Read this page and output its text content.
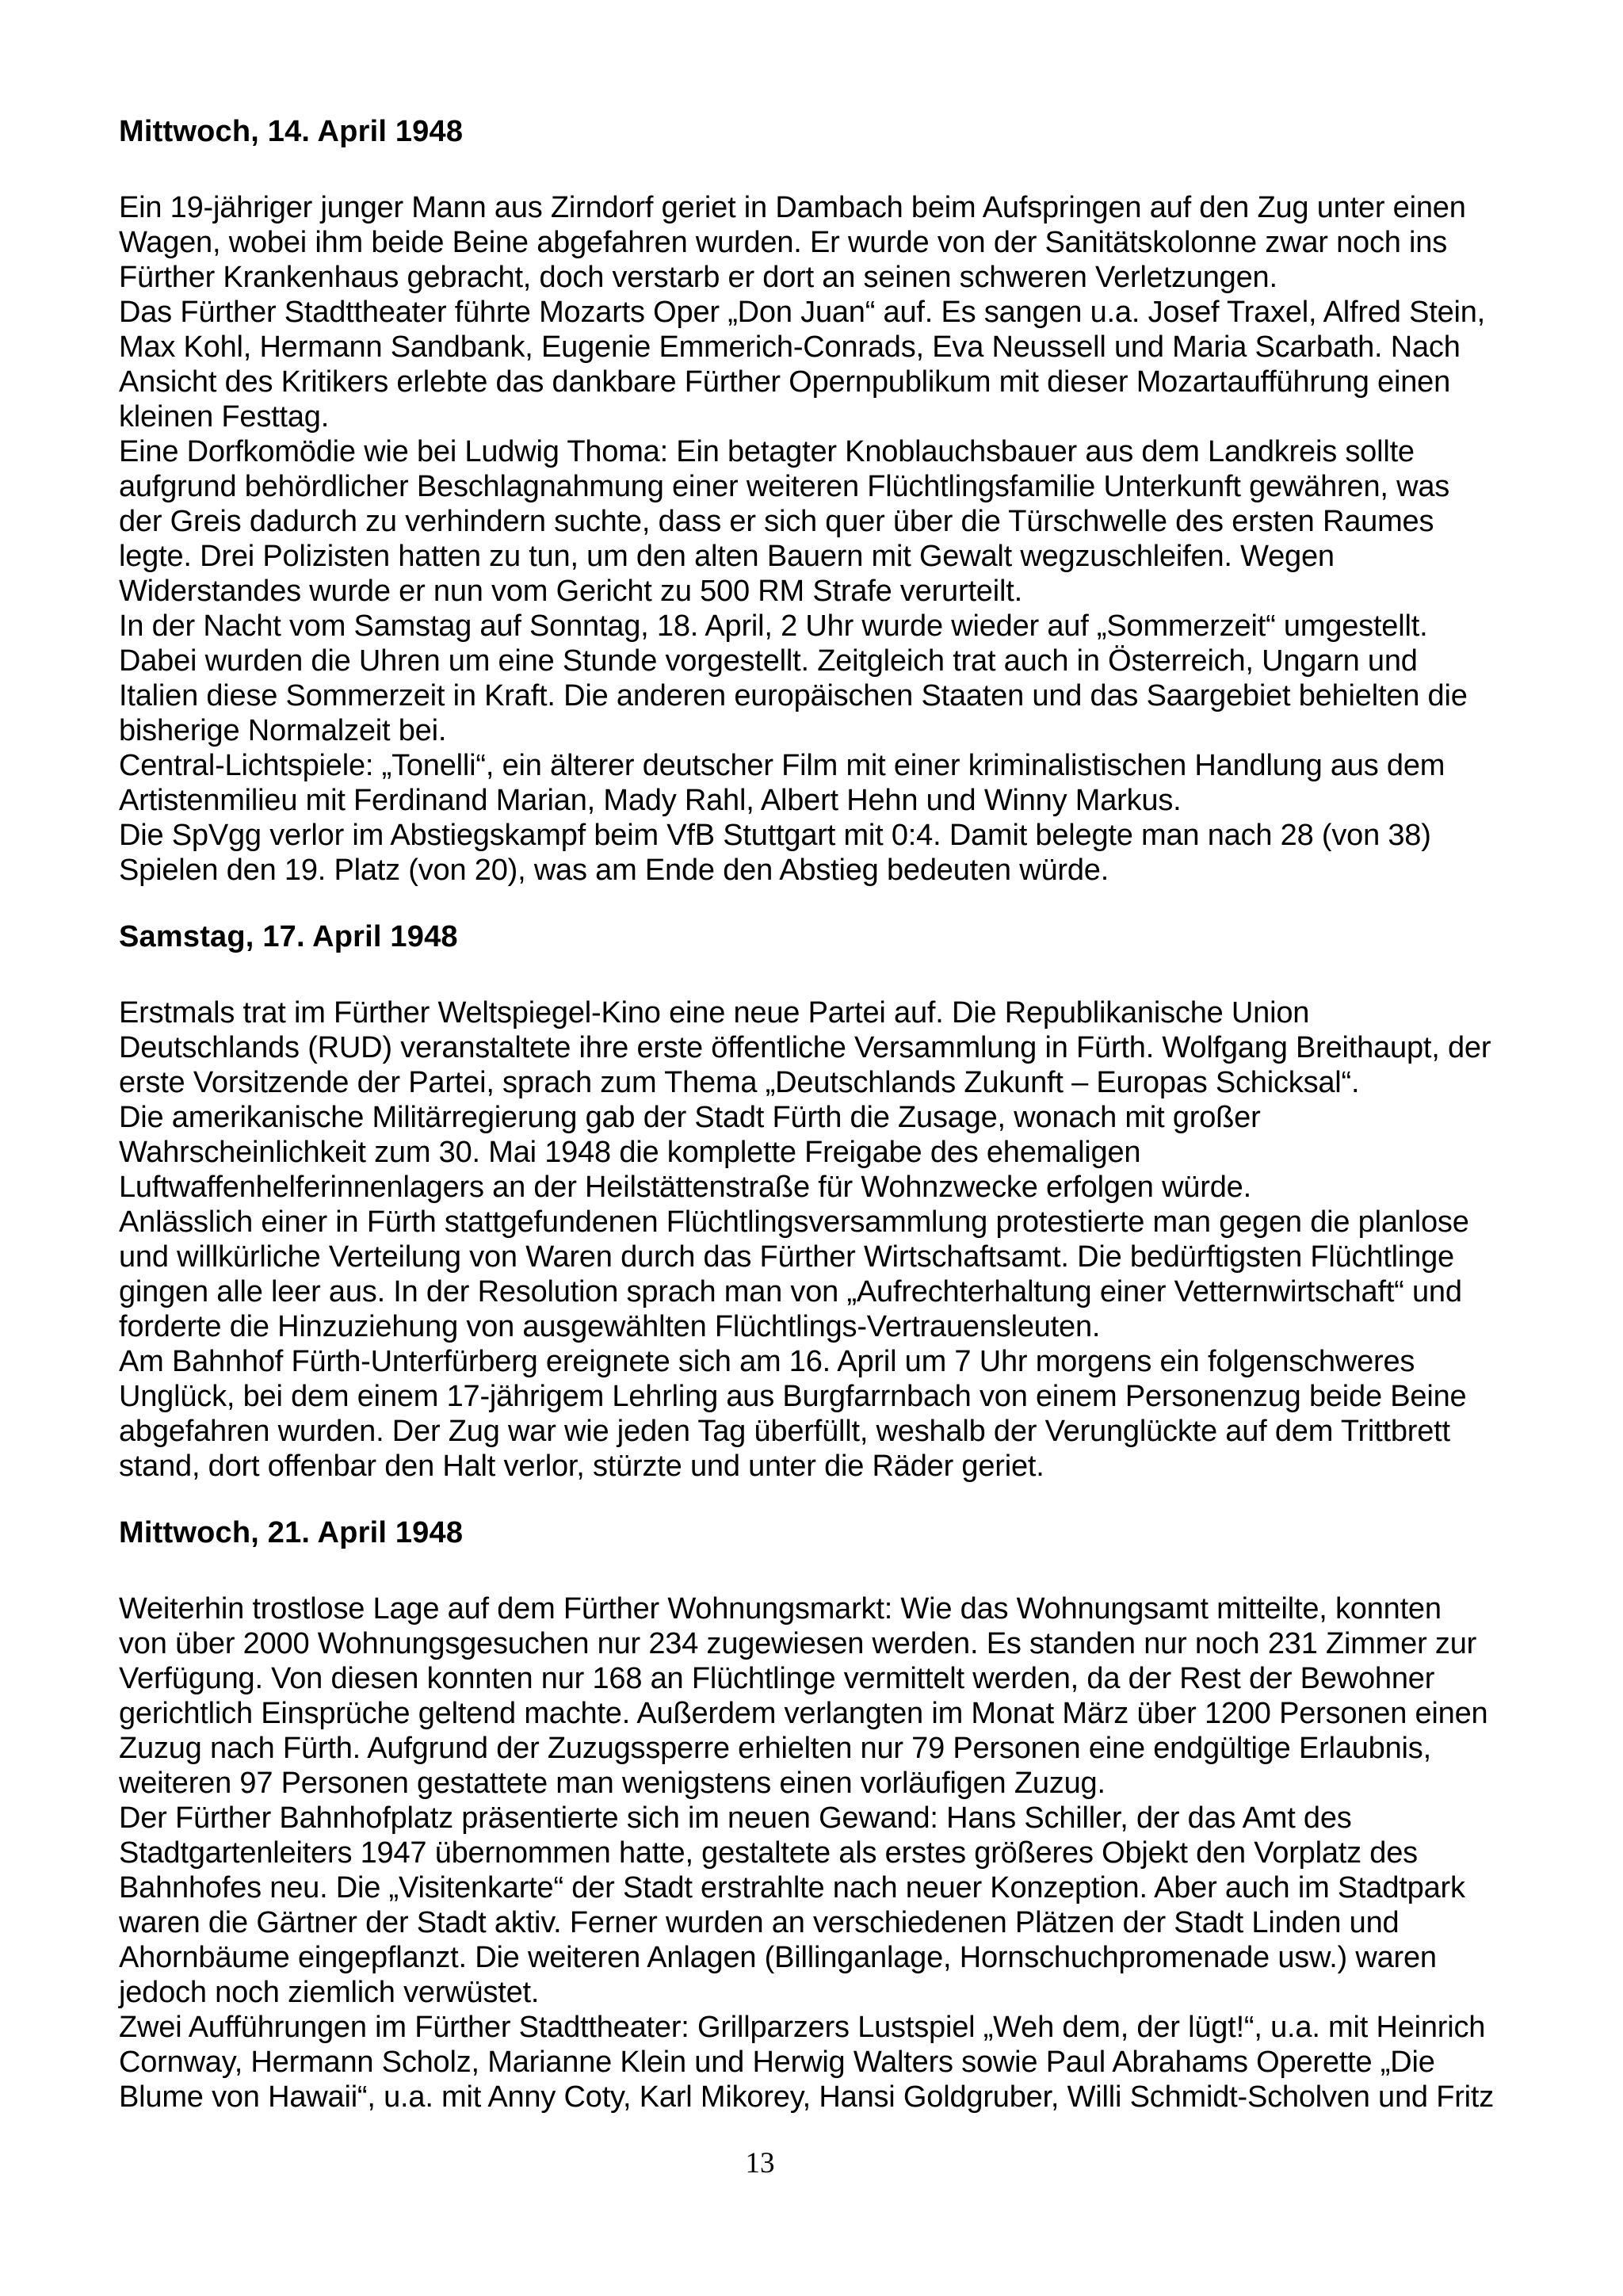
Mittwoch, 14. April 1948
Ein 19-jähriger junger Mann aus Zirndorf geriet in Dambach beim Aufspringen auf den Zug unter einen
Wagen, wobei ihm beide Beine abgefahren wurden. Er wurde von der Sanitätskolonne zwar noch ins
Fürther Krankenhaus gebracht, doch verstarb er dort an seinen schweren Verletzungen.
Das Fürther Stadttheater führte Mozarts Oper „Don Juan“ auf. Es sangen u.a. Josef Traxel, Alfred Stein,
Max Kohl, Hermann Sandbank, Eugenie Emmerich-Conrads, Eva Neussell und Maria Scarbath. Nach
Ansicht des Kritikers erlebte das dankbare Fürther Opernpublikum mit dieser Mozartaufführung einen
kleinen Festtag.
Eine Dorfkomödie wie bei Ludwig Thoma: Ein betagter Knoblauchsbauer aus dem Landkreis sollte
aufgrund behördlicher Beschlagnahmung einer weiteren Flüchtlingsfamilie Unterkunft gewähren, was
der Greis dadurch zu verhindern suchte, dass er sich quer über die Türschwelle des ersten Raumes
legte. Drei Polizisten hatten zu tun, um den alten Bauern mit Gewalt wegzuschleifen. Wegen
Widerstandes wurde er nun vom Gericht zu 500 RM Strafe verurteilt.
In der Nacht vom Samstag auf Sonntag, 18. April, 2 Uhr wurde wieder auf „Sommerzeit“ umgestellt.
Dabei wurden die Uhren um eine Stunde vorgestellt. Zeitgleich trat auch in Österreich, Ungarn und
Italien diese Sommerzeit in Kraft. Die anderen europäischen Staaten und das Saargebiet behielten die
bisherige Normalzeit bei.
Central-Lichtspiele: „Tonelli“, ein älterer deutscher Film mit einer kriminalistischen Handlung aus dem
Artistenmilieu mit Ferdinand Marian, Mady Rahl, Albert Hehn und Winny Markus.
Die SpVgg verlor im Abstiegskampf beim VfB Stuttgart mit 0:4. Damit belegte man nach 28 (von 38)
Spielen den 19. Platz (von 20), was am Ende den Abstieg bedeuten würde.
Samstag, 17. April 1948
Erstmals trat im Fürther Weltspiegel-Kino eine neue Partei auf. Die Republikanische Union
Deutschlands (RUD) veranstaltete ihre erste öffentliche Versammlung in Fürth. Wolfgang Breithaupt, der
erste Vorsitzende der Partei, sprach zum Thema „Deutschlands Zukunft – Europas Schicksal“.
Die amerikanische Militärregierung gab der Stadt Fürth die Zusage, wonach mit großer
Wahrscheinlichkeit zum 30. Mai 1948 die komplette Freigabe des ehemaligen
Luftwaffenhelferinnenlagers an der Heilstättenstraße für Wohnzwecke erfolgen würde.
Anlässlich einer in Fürth stattgefundenen Flüchtlingsversammlung protestierte man gegen die planlose
und willkürliche Verteilung von Waren durch das Fürther Wirtschaftsamt. Die bedürftigsten Flüchtlinge
gingen alle leer aus. In der Resolution sprach man von „Aufrechterhaltung einer Vetternwirtschaft“ und
forderte die Hinzuziehung von ausgewählten Flüchtlings-Vertrauensleuten.
Am Bahnhof Fürth-Unterfürberg ereignete sich am 16. April um 7 Uhr morgens ein folgenschweres
Unglück, bei dem einem 17-jährigem Lehrling aus Burgfarrnbach von einem Personenzug beide Beine
abgefahren wurden. Der Zug war wie jeden Tag überfüllt, weshalb der Verunglückte auf dem Trittbrett
stand, dort offenbar den Halt verlor, stürzte und unter die Räder geriet.
Mittwoch, 21. April 1948
Weiterhin trostlose Lage auf dem Fürther Wohnungsmarkt: Wie das Wohnungsamt mitteilte, konnten
von über 2000 Wohnungsgesuchen nur 234 zugewiesen werden. Es standen nur noch 231 Zimmer zur
Verfügung. Von diesen konnten nur 168 an Flüchtlinge vermittelt werden, da der Rest der Bewohner
gerichtlich Einsprüche geltend machte. Außerdem verlangten im Monat März über 1200 Personen einen
Zuzug nach Fürth. Aufgrund der Zuzugssperre erhielten nur 79 Personen eine endgültige Erlaubnis,
weiteren 97 Personen gestattete man wenigstens einen vorläufigen Zuzug.
Der Fürther Bahnhofplatz präsentierte sich im neuen Gewand: Hans Schiller, der das Amt des
Stadtgartenleiters 1947 übernommen hatte, gestaltete als erstes größeres Objekt den Vorplatz des
Bahnhofes neu. Die „Visitenkarte“ der Stadt erstrahlte nach neuer Konzeption. Aber auch im Stadtpark
waren die Gärtner der Stadt aktiv. Ferner wurden an verschiedenen Plätzen der Stadt Linden und
Ahornbäume eingepflanzt. Die weiteren Anlagen (Billinganlage, Hornschuchpromenade usw.) waren
jedoch noch ziemlich verwüstet.
Zwei Aufführungen im Fürther Stadttheater: Grillparzers Lustspiel „Weh dem, der lügt!“, u.a. mit Heinrich
Cornway, Hermann Scholz, Marianne Klein und Herwig Walters sowie Paul Abrahams Operette „Die
Blume von Hawaii“, u.a. mit Anny Coty, Karl Mikorey, Hansi Goldgruber, Willi Schmidt-Scholven und Fritz
13
